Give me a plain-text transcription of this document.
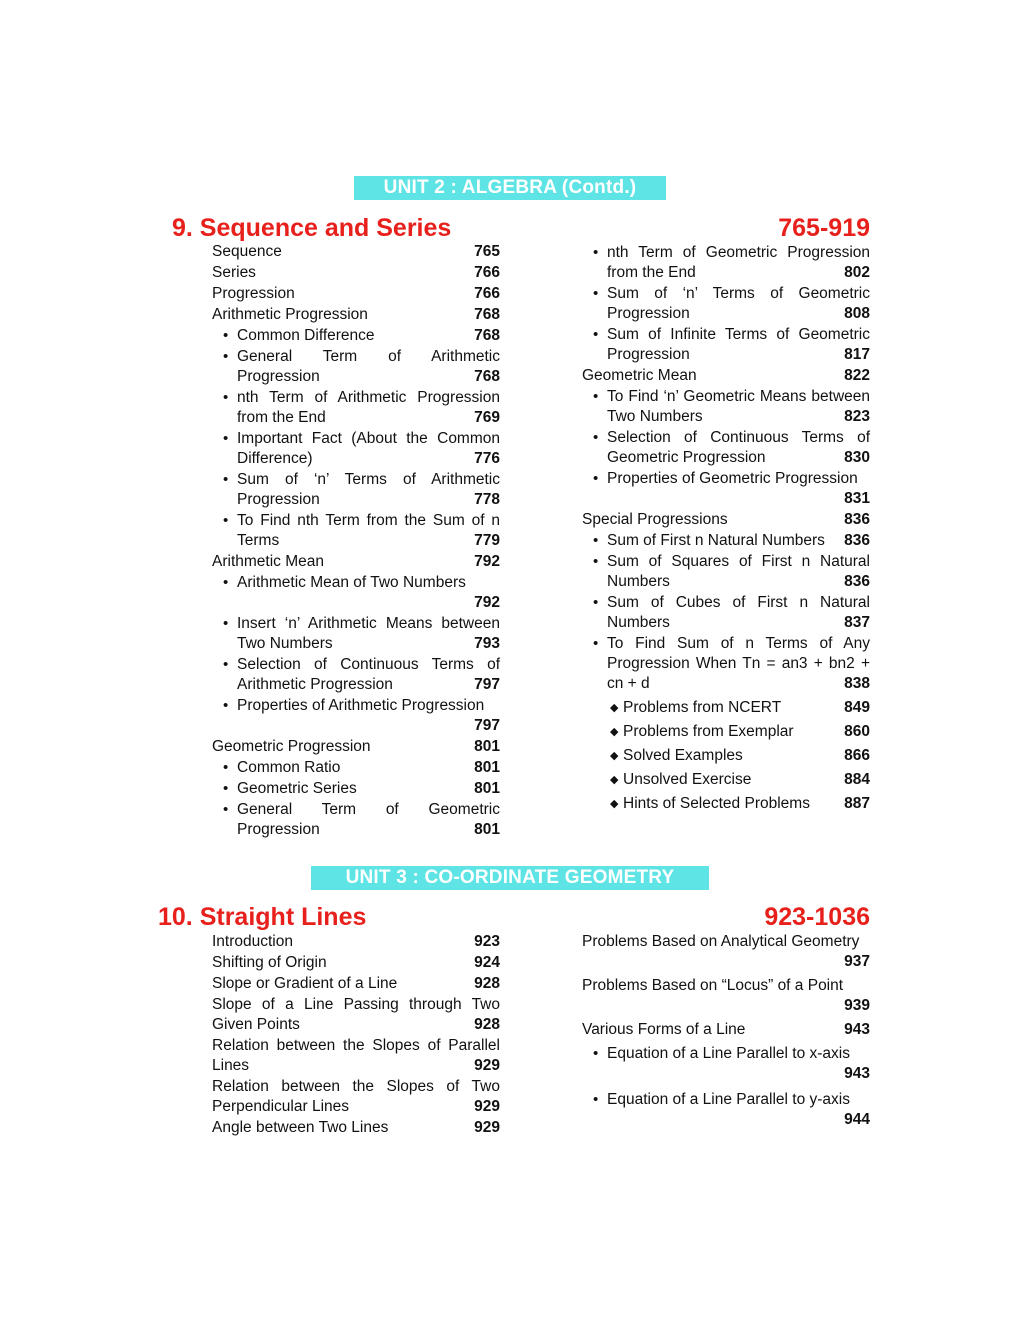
UNIT 2 : ALGEBRA (Contd.)
9. Sequence and Series	765-919
Sequence	765
Series	766
Progression	766
Arithmetic Progression	768
• Common Difference	768
• General Term of Arithmetic Progression	768
• nth Term of Arithmetic Progression from the End	769
• Important Fact (About the Common Difference)	776
• Sum of ‘n’ Terms of Arithmetic Progression	778
• To Find nth Term from the Sum of n Terms	779
Arithmetic Mean	792
• Arithmetic Mean of Two Numbers
792
• Insert ‘n’ Arithmetic Means between Two Numbers	793
• Selection of Continuous Terms of Arithmetic Progression	797
• Properties of Arithmetic Progression
797
Geometric Progression	801
• Common Ratio	801
• Geometric Series	801
• General Term of Geometric Progression	801
• nth Term of Geometric Progression from the End	802
• Sum of ‘n’ Terms of Geometric Progression	808
• Sum of Infinite Terms of Geometric Progression	817
Geometric Mean	822
• To Find ‘n’ Geometric Means between Two Numbers	823
• Selection of Continuous Terms of Geometric Progression	830
• Properties of Geometric Progression
831
Special Progressions	836
• Sum of First n Natural Numbers	836
• Sum of Squares of First n Natural Numbers	836
• Sum of Cubes of First n Natural Numbers	837
• To Find Sum of n Terms of Any Progression When Tn = an3 + bn2 + cn + d	838
◆ Problems from NCERT	849
◆ Problems from Exemplar	860
◆ Solved Examples	866
◆ Unsolved Exercise	884
◆ Hints of Selected Problems	887
UNIT 3 : CO-ORDINATE GEOMETRY
10. Straight Lines	923-1036
Introduction	923
Shifting of Origin	924
Slope or Gradient of a Line	928
Slope of a Line Passing through Two Given Points	928
Relation between the Slopes of Parallel Lines	929
Relation between the Slopes of Two Perpendicular Lines	929
Angle between Two Lines	929
Problems Based on Analytical Geometry
937
Problems Based on “Locus” of a Point
939
Various Forms of a Line	943
• Equation of a Line Parallel to x-axis
943
• Equation of a Line Parallel to y-axis
944
